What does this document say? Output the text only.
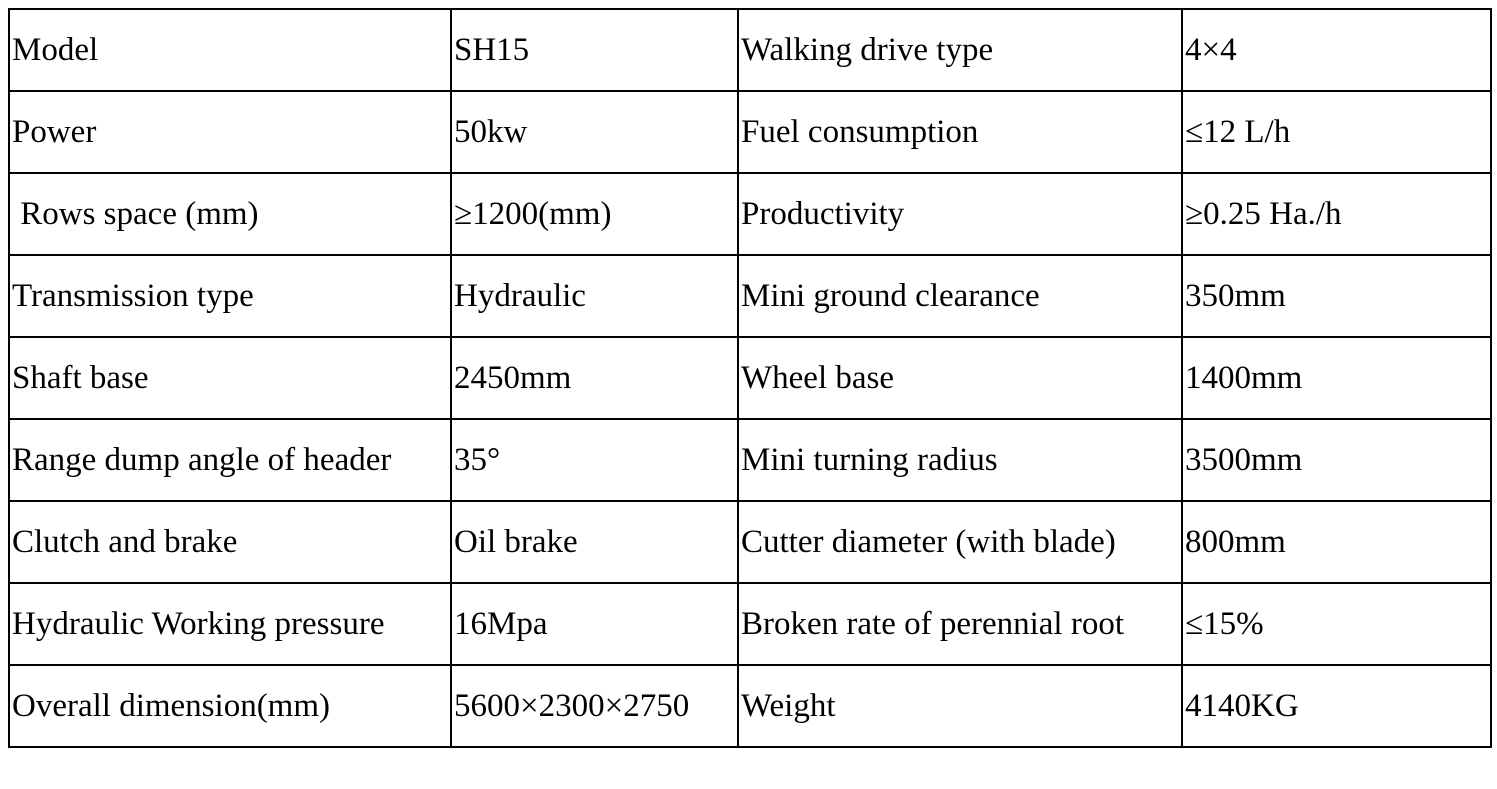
Model	SH15	Walking drive type	4×4
Power	50kw	Fuel consumption	≤12 L/h
Rows space (mm)	≥1200(mm)	Productivity	≥0.25 Ha./h
Transmission type	Hydraulic	Mini ground clearance	350mm
Shaft base	2450mm	Wheel base	1400mm
Range dump angle of header	35°	Mini turning radius	3500mm
Clutch and brake	Oil brake	Cutter diameter (with blade)	800mm
Hydraulic Working pressure	16Mpa	Broken rate of perennial root	≤15%
Overall dimension(mm)	5600×2300×2750	Weight	4140KG
